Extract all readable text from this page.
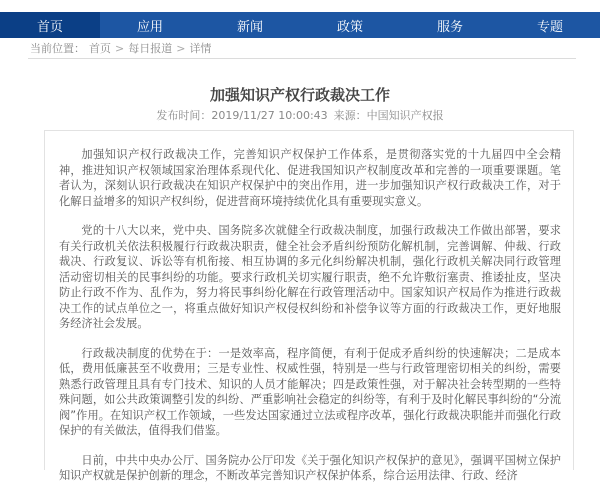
首页	应用	新闻	政策	服务	专题
当前位置： 首页 > 每日报道 > 详情
加强知识产权行政裁决工作
发布时间：2019/11/27 10:00:43 来源：中国知识产权报

加强知识产权行政裁决工作，完善知识产权保护工作体系，是贯彻落实党的十九届四中全会精神，推进知识产权领域国家治理体系现代化、促进我国知识产权制度改革和完善的一项重要课题。笔者认为，深刻认识行政裁决在知识产权保护中的突出作用，进一步加强知识产权行政裁决工作，对于化解日益增多的知识产权纠纷，促进营商环境持续优化具有重要现实意义。

党的十八大以来，党中央、国务院多次就健全行政裁决制度，加强行政裁决工作做出部署，要求有关行政机关依法积极履行行政裁决职责，健全社会矛盾纠纷预防化解机制，完善调解、仲裁、行政裁决、行政复议、诉讼等有机衔接、相互协调的多元化纠纷解决机制，强化行政机关解决同行政管理活动密切相关的民事纠纷的功能。要求行政机关切实履行职责，绝不允许敷衍塞责、推诿扯皮，坚决防止行政不作为、乱作为，努力将民事纠纷化解在行政管理活动中。国家知识产权局作为推进行政裁决工作的试点单位之一，将重点做好知识产权侵权纠纷和补偿争议等方面的行政裁决工作，更好地服务经济社会发展。

行政裁决制度的优势在于：一是效率高，程序简便，有利于促成矛盾纠纷的快速解决；二是成本低，费用低廉甚至不收费用；三是专业性、权威性强，特别是一些与行政管理密切相关的纠纷，需要熟悉行政管理且具有专门技术、知识的人员才能解决；四是政策性强，对于解决社会转型期的一些特殊问题，如公共政策调整引发的纠纷、严重影响社会稳定的纠纷等，有利于及时化解民事纠纷的“分流阀”作用。在知识产权工作领域，一些发达国家通过立法或程序改革，强化行政裁决职能并而强化行政保护的有关做法，值得我们借鉴。

日前，中共中央办公厅、国务院办公厅印发《关于强化知识产权保护的意见》，强调平国树立保护知识产权就是保护创新的理念，不断改革完善知识产权保护体系，综合运用法律、行政、经济
